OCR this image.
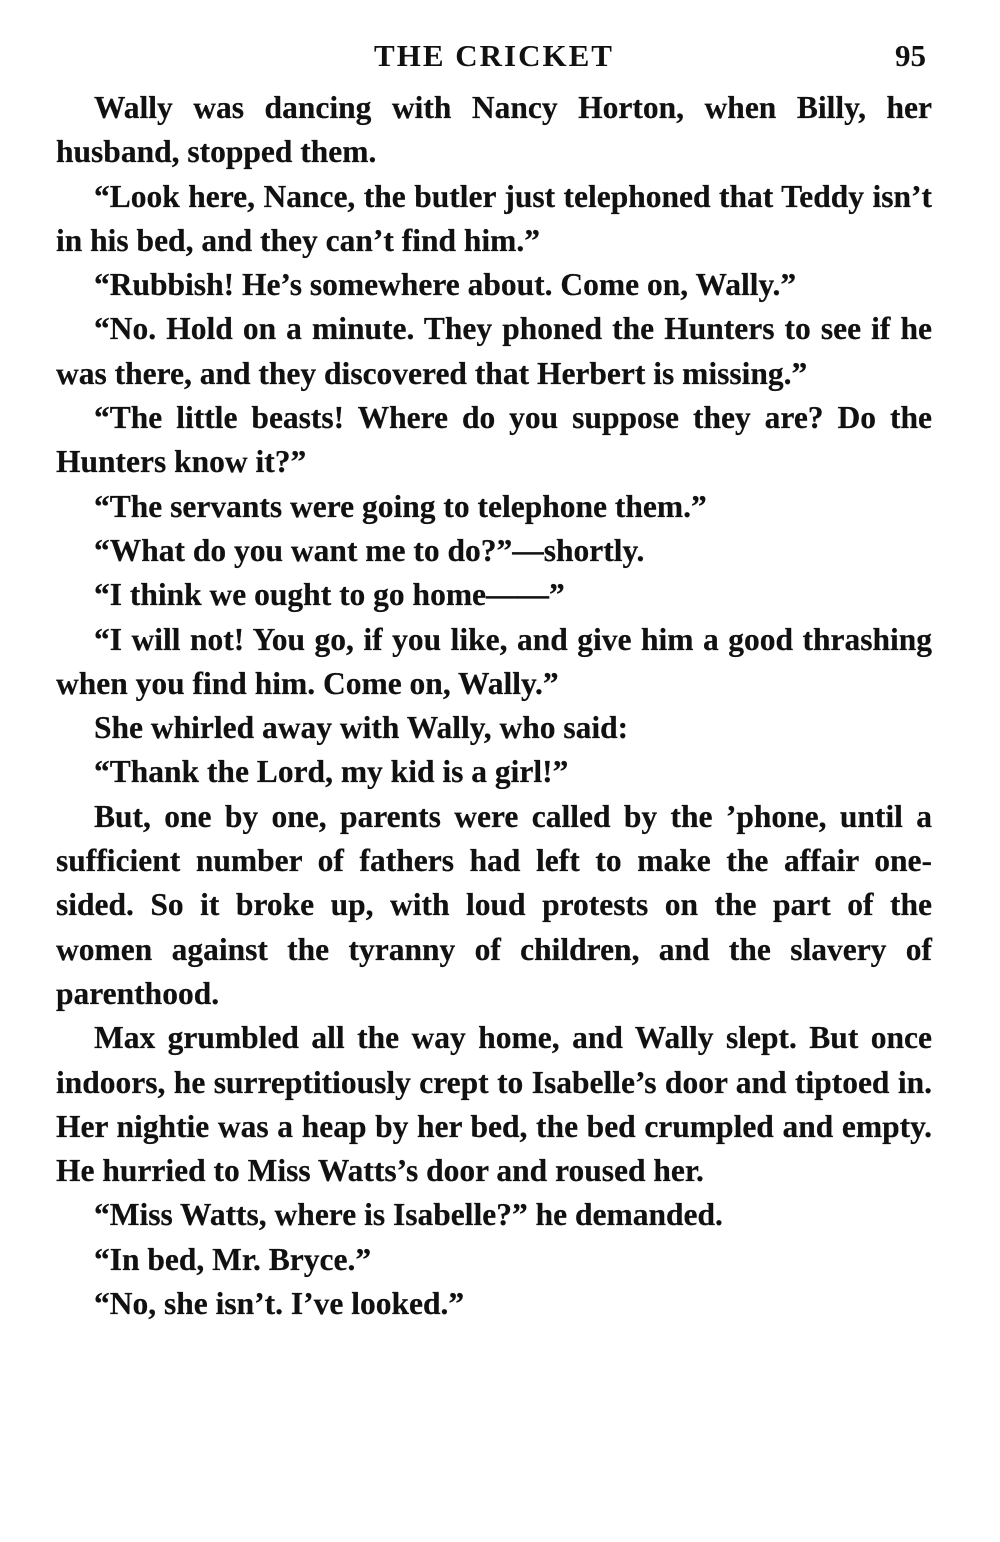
THE CRICKET	95

Wally was dancing with Nancy Horton, when Billy, her husband, stopped them.

“Look here, Nance, the butler just telephoned that Teddy isn’t in his bed, and they can’t find him.”

“Rubbish! He’s somewhere about. Come on, Wally.”

“No. Hold on a minute. They phoned the Hunters to see if he was there, and they discovered that Herbert is missing.”

“The little beasts! Where do you suppose they are? Do the Hunters know it?”

“The servants were going to telephone them.”

“What do you want me to do?”—shortly.

“I think we ought to go home——”

“I will not! You go, if you like, and give him a good thrashing when you find him. Come on, Wally.”

She whirled away with Wally, who said:

“Thank the Lord, my kid is a girl!”

But, one by one, parents were called by the ’phone, until a sufficient number of fathers had left to make the affair one-sided. So it broke up, with loud protests on the part of the women against the tyranny of children, and the slavery of parenthood.

Max grumbled all the way home, and Wally slept. But once indoors, he surreptitiously crept to Isabelle’s door and tiptoed in. Her nightie was a heap by her bed, the bed crumpled and empty. He hurried to Miss Watts’s door and roused her.

“Miss Watts, where is Isabelle?” he demanded.

“In bed, Mr. Bryce.”

“No, she isn’t. I’ve looked.”
